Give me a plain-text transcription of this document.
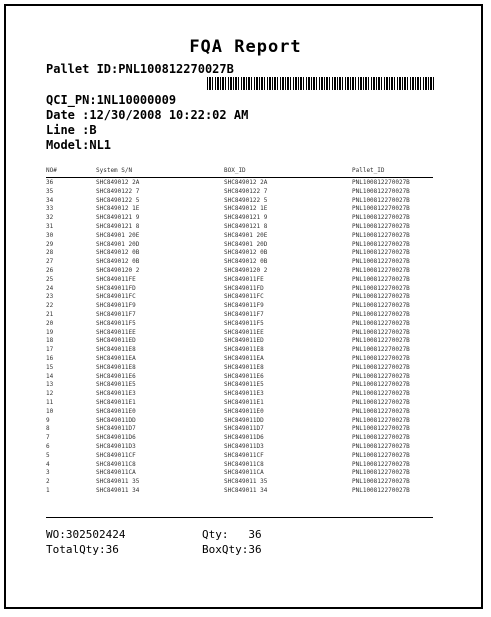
FQA Report
Pallet ID:PNL100812270027B
QCI_PN:1NL10000009
Date :12/30/2008 10:22:02 AM
Line :B
Model:NL1
NO#	System S/N	BOX_ID	Pallet_ID
36	SHC849012 2A	SHC849012 2A	PNL100812270027B
35	SHC8490122 7	SHC8490122 7	PNL100812270027B
34	SHC8490122 5	SHC8490122 5	PNL100812270027B
33	SHC849012 1E	SHC849012 1E	PNL100812270027B
32	SHC8490121 9	SHC8490121 9	PNL100812270027B
31	SHC8490121 8	SHC8490121 8	PNL100812270027B
30	SHC84901 20E	SHC84901 20E	PNL100812270027B
29	SHC84901 20D	SHC84901 20D	PNL100812270027B
28	SHC849012 0B	SHC849012 0B	PNL100812270027B
27	SHC849012 0B	SHC849012 0B	PNL100812270027B
26	SHC8490120 2	SHC8490120 2	PNL100812270027B
25	SHC849011FE	SHC849011FE	PNL100812270027B
24	SHC849011FD	SHC849011FD	PNL100812270027B
23	SHC849011FC	SHC849011FC	PNL100812270027B
22	SHC849011F9	SHC849011F9	PNL100812270027B
21	SHC849011F7	SHC849011F7	PNL100812270027B
20	SHC849011F5	SHC849011F5	PNL100812270027B
19	SHC849011EE	SHC849011EE	PNL100812270027B
18	SHC849011ED	SHC849011ED	PNL100812270027B
17	SHC849011E8	SHC849011E8	PNL100812270027B
16	SHC849011EA	SHC849011EA	PNL100812270027B
15	SHC849011E8	SHC849011E8	PNL100812270027B
14	SHC849011E6	SHC849011E6	PNL100812270027B
13	SHC849011E5	SHC849011E5	PNL100812270027B
12	SHC849011E3	SHC849011E3	PNL100812270027B
11	SHC849011E1	SHC849011E1	PNL100812270027B
10	SHC849011E0	SHC849011E0	PNL100812270027B
9	SHC849011DD	SHC849011DD	PNL100812270027B
8	SHC849011D7	SHC849011D7	PNL100812270027B
7	SHC849011D6	SHC849011D6	PNL100812270027B
6	SHC849011D3	SHC849011D3	PNL100812270027B
5	SHC849011CF	SHC849011CF	PNL100812270027B
4	SHC849011C8	SHC849011C8	PNL100812270027B
3	SHC849011CA	SHC849011CA	PNL100812270027B
2	SHC849011 35	SHC849011 35	PNL100812270027B
1	SHC849011 34	SHC849011 34	PNL100812270027B
WO:302502424	Qty:   36
TotalQty:36	BoxQty:36
